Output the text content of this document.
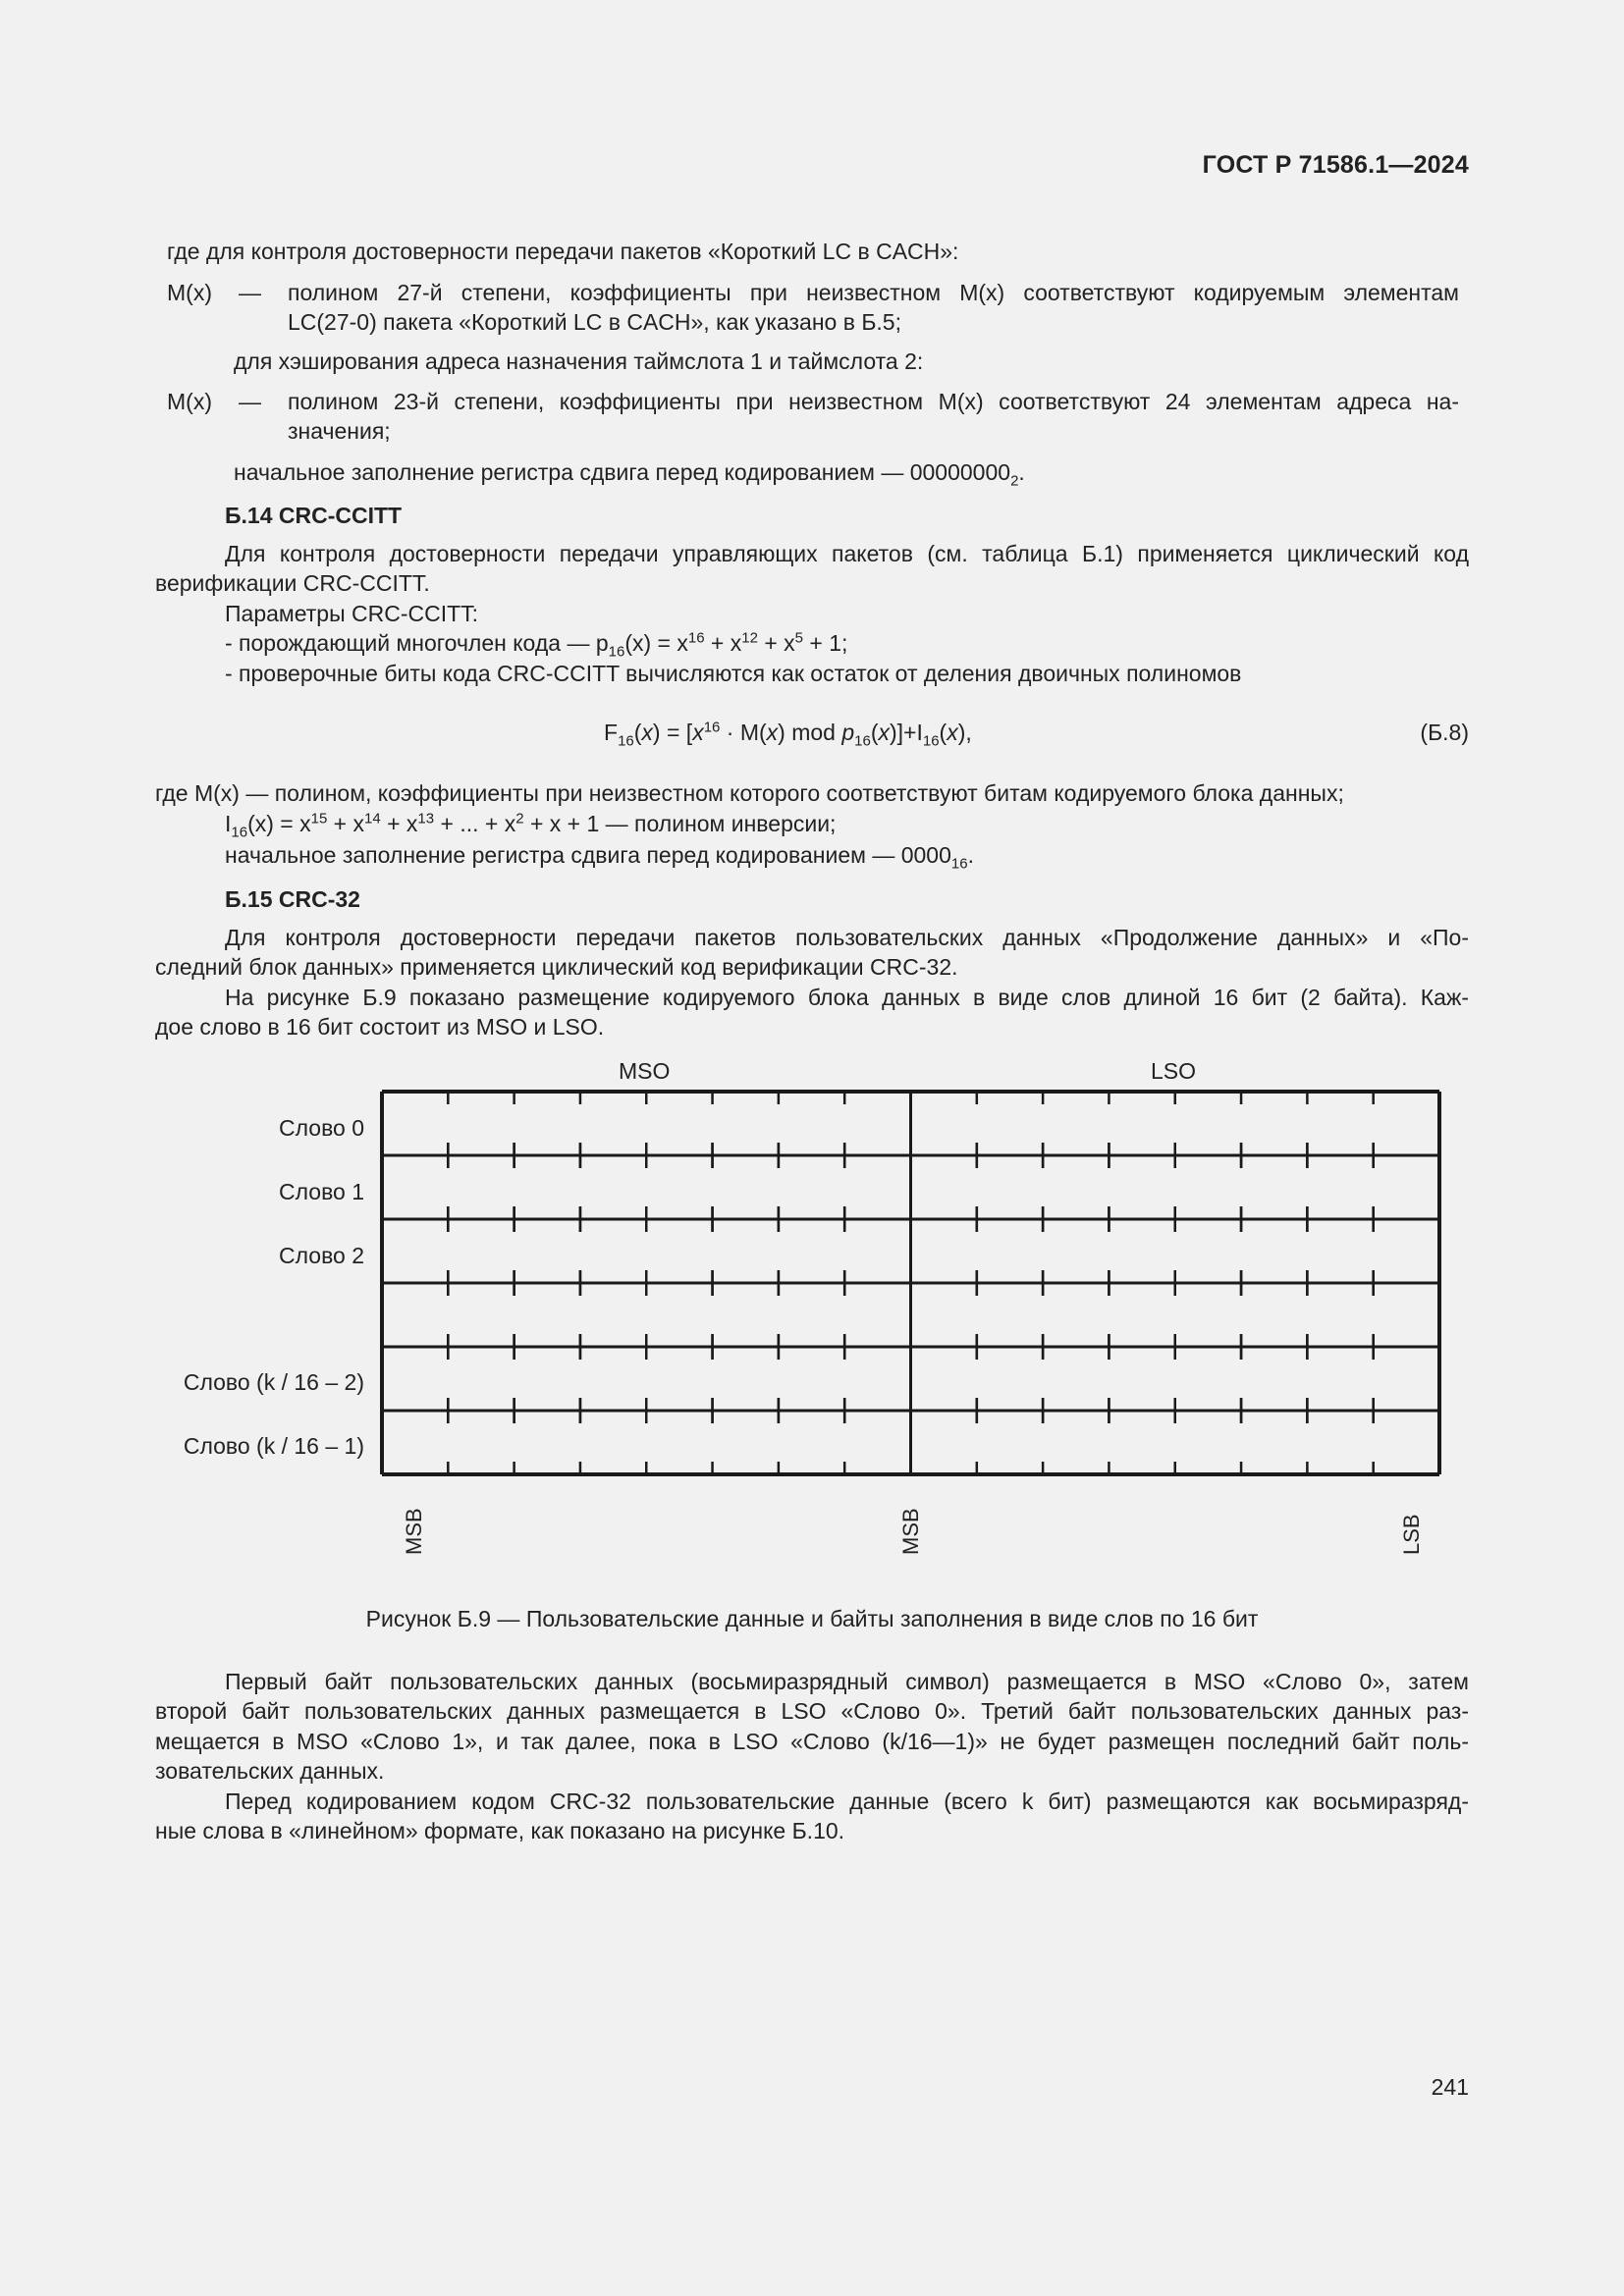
ГОСТ Р 71586.1—2024
где для контроля достоверности передачи пакетов «Короткий LC в CACH»:
M(x) — полином 27-й степени, коэффициенты при неизвестном M(x) соответствуют кодируемым элементам
LC(27-0) пакета «Короткий LC в CACH», как указано в Б.5;
для хэширования адреса назначения таймслота 1 и таймслота 2:
M(x) — полином 23-й степени, коэффициенты при неизвестном M(x) соответствуют 24 элементам адреса на-
значения;
начальное заполнение регистра сдвига перед кодированием — $00000000_2$.
Б.14 CRC-CCITT
Для контроля достоверности передачи управляющих пакетов (см. таблица Б.1) применяется циклический код
верификации CRC-CCITT.
Параметры CRC-CCITT:
- порождающий многочлен кода — $p_{16}(x) = x^{16} + x^{12} + x^5 + 1$;
- проверочные биты кода CRC-CCITT вычисляются как остаток от деления двоичных полиномов
$F_{16}(x) = [x^{16} \cdot M(x)$ mod $p_{16}(x)]+I_{16}(x)$,	(Б.8)
где M(x) — полином, коэффициенты при неизвестном которого соответствуют битам кодируемого блока данных;
$I_{16}(x) = x^{15} + x^{14} + x^{13}$ + ... + $x^2 + x + 1$ — полином инверсии;
начальное заполнение регистра сдвига перед кодированием — $0000_{16}$.
Б.15 CRC-32
Для контроля достоверности передачи пакетов пользовательских данных «Продолжение данных» и «По-
следний блок данных» применяется циклический код верификации CRC-32.
На рисунке Б.9 показано размещение кодируемого блока данных в виде слов длиной 16 бит (2 байта). Каж-
дое слово в 16 бит состоит из MSO и LSO.
MSO	LSO
Слово 0
Слово 1
Слово 2
Слово (k / 16 – 2)
Слово (k / 16 – 1)
MSB	MSB	LSB
Рисунок Б.9 — Пользовательские данные и байты заполнения в виде слов по 16 бит
Первый байт пользовательских данных (восьмиразрядный символ) размещается в MSO «Слово 0», затем
второй байт пользовательских данных размещается в LSO «Слово 0». Третий байт пользовательских данных раз-
мещается в MSO «Слово 1», и так далее, пока в LSO «Слово (k/16—1)» не будет размещен последний байт поль-
зовательских данных.
Перед кодированием кодом CRC-32 пользовательские данные (всего k бит) размещаются как восьмиразряд-
ные слова в «линейном» формате, как показано на рисунке Б.10.
241
